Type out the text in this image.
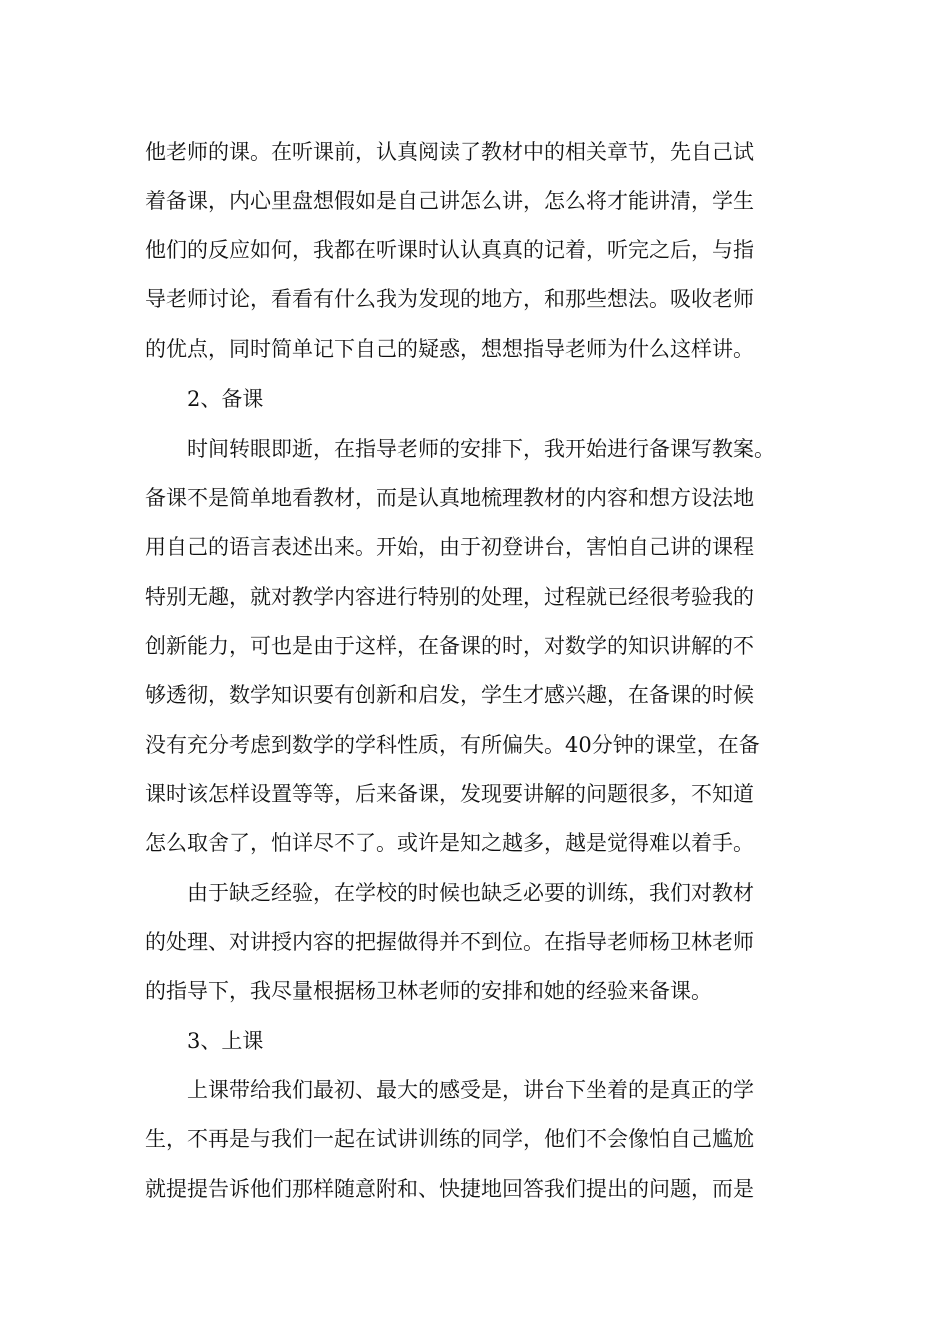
他老师的课。在听课前，认真阅读了教材中的相关章节，先自己试
着备课，内心里盘想假如是自己讲怎么讲，怎么将才能讲清，学生
他们的反应如何，我都在听课时认认真真的记着，听完之后，与指
导老师讨论，看看有什么我为发现的地方，和那些想法。吸收老师
的优点，同时简单记下自己的疑惑，想想指导老师为什么这样讲。
2、备课
时间转眼即逝，在指导老师的安排下，我开始进行备课写教案。
备课不是简单地看教材，而是认真地梳理教材的内容和想方设法地
用自己的语言表述出来。开始，由于初登讲台，害怕自己讲的课程
特别无趣，就对教学内容进行特别的处理，过程就已经很考验我的
创新能力，可也是由于这样，在备课的时，对数学的知识讲解的不
够透彻，数学知识要有创新和启发，学生才感兴趣，在备课的时候
没有充分考虑到数学的学科性质，有所偏失。40分钟的课堂，在备
课时该怎样设置等等，后来备课，发现要讲解的问题很多，不知道
怎么取舍了，怕详尽不了。或许是知之越多，越是觉得难以着手。
由于缺乏经验，在学校的时候也缺乏必要的训练，我们对教材
的处理、对讲授内容的把握做得并不到位。在指导老师杨卫林老师
的指导下，我尽量根据杨卫林老师的安排和她的经验来备课。
3、上课
上课带给我们最初、最大的感受是，讲台下坐着的是真正的学
生，不再是与我们一起在试讲训练的同学，他们不会像怕自己尴尬
就提提告诉他们那样随意附和、快捷地回答我们提出的问题，而是
